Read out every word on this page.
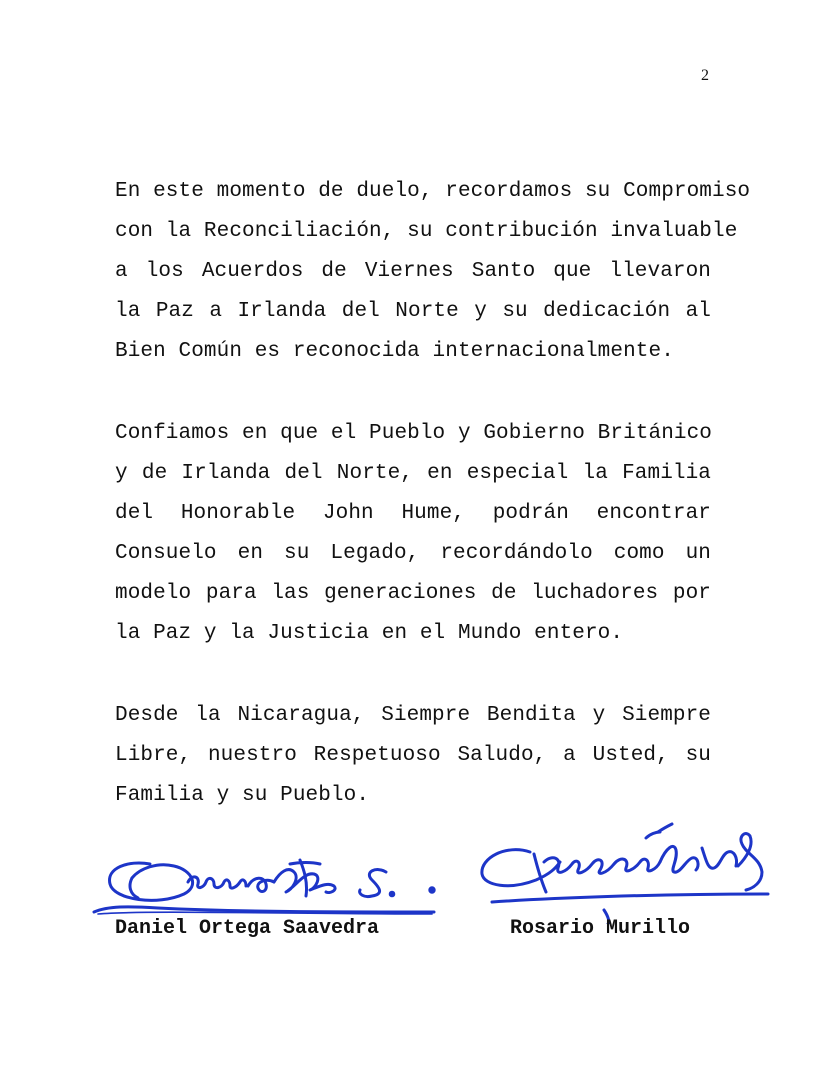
2
En este momento de duelo, recordamos su Compromiso
con la Reconciliación, su contribución invaluable
a los Acuerdos de Viernes Santo que llevaron
la Paz a Irlanda del Norte y su dedicación al
Bien Común es reconocida internacionalmente.
Confiamos en que el Pueblo y Gobierno Británico
y de Irlanda del Norte, en especial la Familia
del Honorable John Hume, podrán encontrar
Consuelo en su Legado, recordándolo como un
modelo para las generaciones de luchadores por
la Paz y la Justicia en el Mundo entero.
Desde la Nicaragua, Siempre Bendita y Siempre
Libre, nuestro Respetuoso Saludo, a Usted, su
Familia y su Pueblo.
Daniel Ortega Saavedra	Rosario Murillo
